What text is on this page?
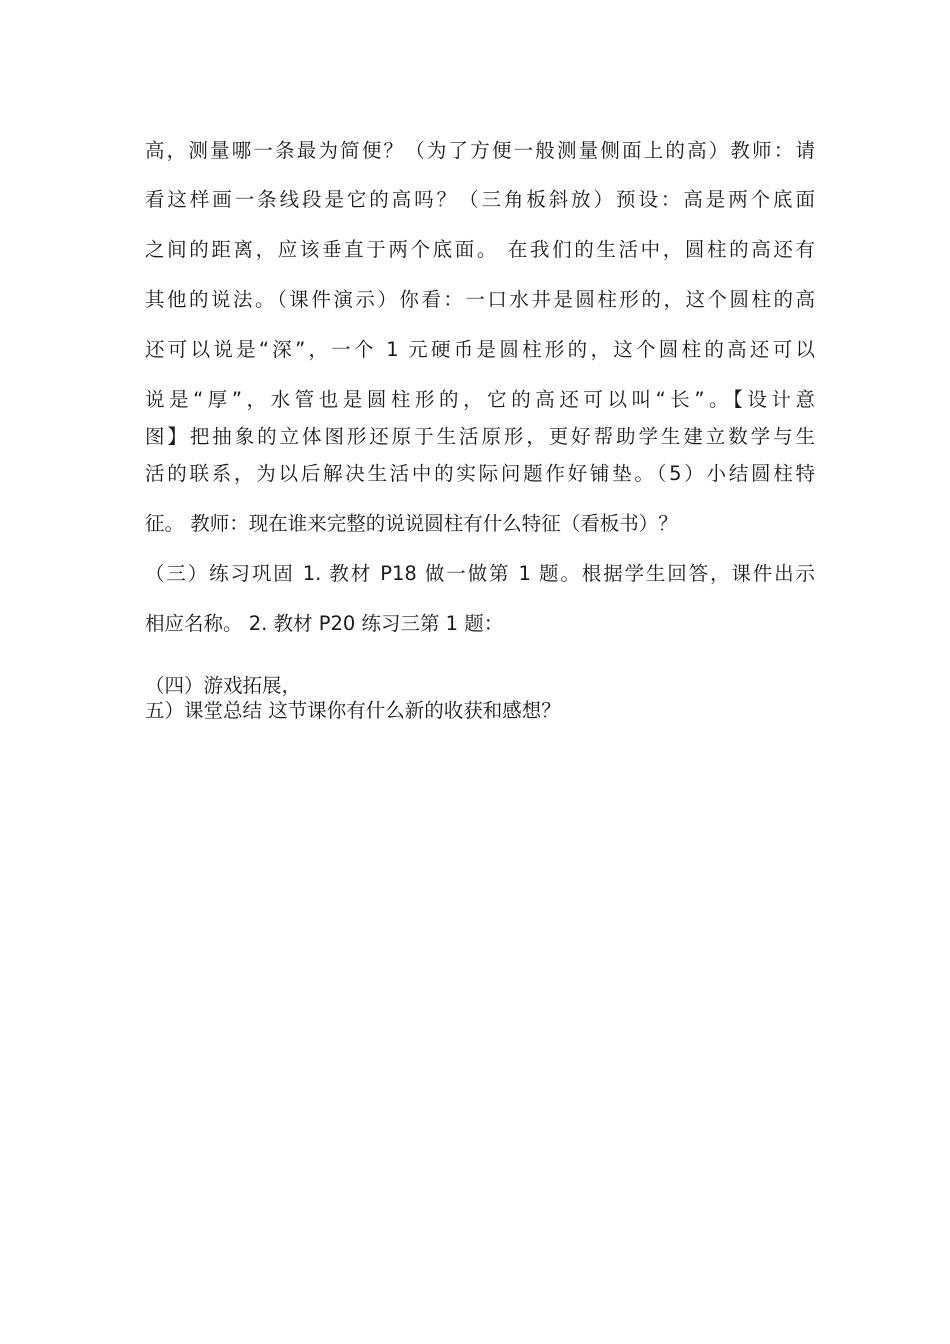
高，测量哪一条最为简便？（为了方便一般测量侧面上的高）教师：请
看这样画一条线段是它的高吗？（三角板斜放）预设：高是两个底面
之间的距离，应该垂直于两个底面。 在我们的生活中，圆柱的高还有
其他的说法。（课件演示）你看：一口水井是圆柱形的，这个圆柱的高
还可以说是“深”，一个 1 元硬币是圆柱形的，这个圆柱的高还可以
说是“厚”，水管也是圆柱形的，它的高还可以叫“长”。【设计意
图】把抽象的立体图形还原于生活原形，更好帮助学生建立数学与生
活的联系，为以后解决生活中的实际问题作好铺垫。（5）小结圆柱特
征。 教师：现在谁来完整的说说圆柱有什么特征（看板书）？
（三）练习巩固 1. 教材 P18 做一做第 1 题。根据学生回答，课件出示
相应名称。 2. 教材 P20 练习三第 1 题：
（四）游戏拓展，
五）课堂总结 这节课你有什么新的收获和感想？
